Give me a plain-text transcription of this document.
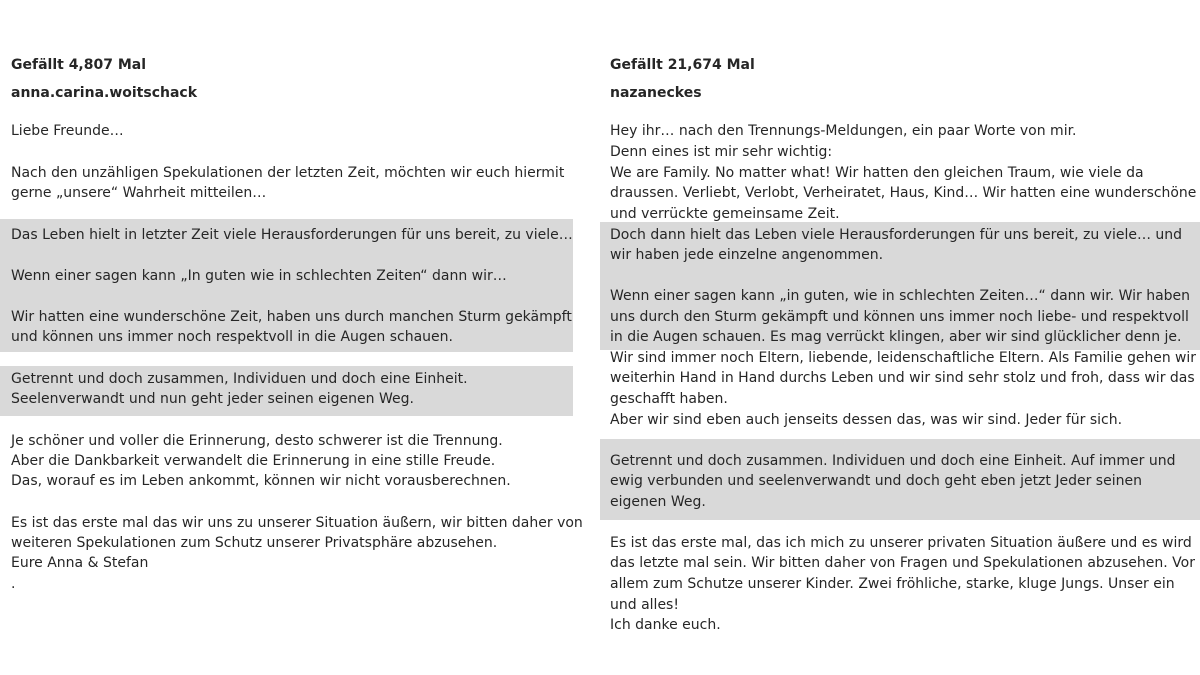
Gefällt 4,807 Mal
anna.carina.woitschack
Liebe Freunde…
Nach den unzähligen Spekulationen der letzten Zeit, möchten wir euch hiermit
gerne „unsere“ Wahrheit mitteilen…
Das Leben hielt in letzter Zeit viele Herausforderungen für uns bereit, zu viele…
Wenn einer sagen kann „In guten wie in schlechten Zeiten“ dann wir…
Wir hatten eine wunderschöne Zeit, haben uns durch manchen Sturm gekämpft
und können uns immer noch respektvoll in die Augen schauen.
Getrennt und doch zusammen, Individuen und doch eine Einheit.
Seelenverwandt und nun geht jeder seinen eigenen Weg.
Je schöner und voller die Erinnerung, desto schwerer ist die Trennung.
Aber die Dankbarkeit verwandelt die Erinnerung in eine stille Freude.
Das, worauf es im Leben ankommt, können wir nicht vorausberechnen.
Es ist das erste mal das wir uns zu unserer Situation äußern, wir bitten daher von
weiteren Spekulationen zum Schutz unserer Privatsphäre abzusehen.
Eure Anna & Stefan
.
Gefällt 21,674 Mal
nazaneckes
Hey ihr… nach den Trennungs-Meldungen, ein paar Worte von mir.
Denn eines ist mir sehr wichtig:
We are Family. No matter what! Wir hatten den gleichen Traum, wie viele da
draussen. Verliebt, Verlobt, Verheiratet, Haus, Kind… Wir hatten eine wunderschöne
und verrückte gemeinsame Zeit.
Doch dann hielt das Leben viele Herausforderungen für uns bereit, zu viele… und
wir haben jede einzelne angenommen.
Wenn einer sagen kann „in guten, wie in schlechten Zeiten…“ dann wir. Wir haben
uns durch den Sturm gekämpft und können uns immer noch liebe- und respektvoll
in die Augen schauen. Es mag verrückt klingen, aber wir sind glücklicher denn je.
Wir sind immer noch Eltern, liebende, leidenschaftliche Eltern. Als Familie gehen wir
weiterhin Hand in Hand durchs Leben und wir sind sehr stolz und froh, dass wir das
geschafft haben.
Aber wir sind eben auch jenseits dessen das, was wir sind. Jeder für sich.
Getrennt und doch zusammen. Individuen und doch eine Einheit. Auf immer und
ewig verbunden und seelenverwandt und doch geht eben jetzt Jeder seinen
eigenen Weg.
Es ist das erste mal, das ich mich zu unserer privaten Situation äußere und es wird
das letzte mal sein. Wir bitten daher von Fragen und Spekulationen abzusehen. Vor
allem zum Schutze unserer Kinder. Zwei fröhliche, starke, kluge Jungs. Unser ein
und alles!
Ich danke euch.
